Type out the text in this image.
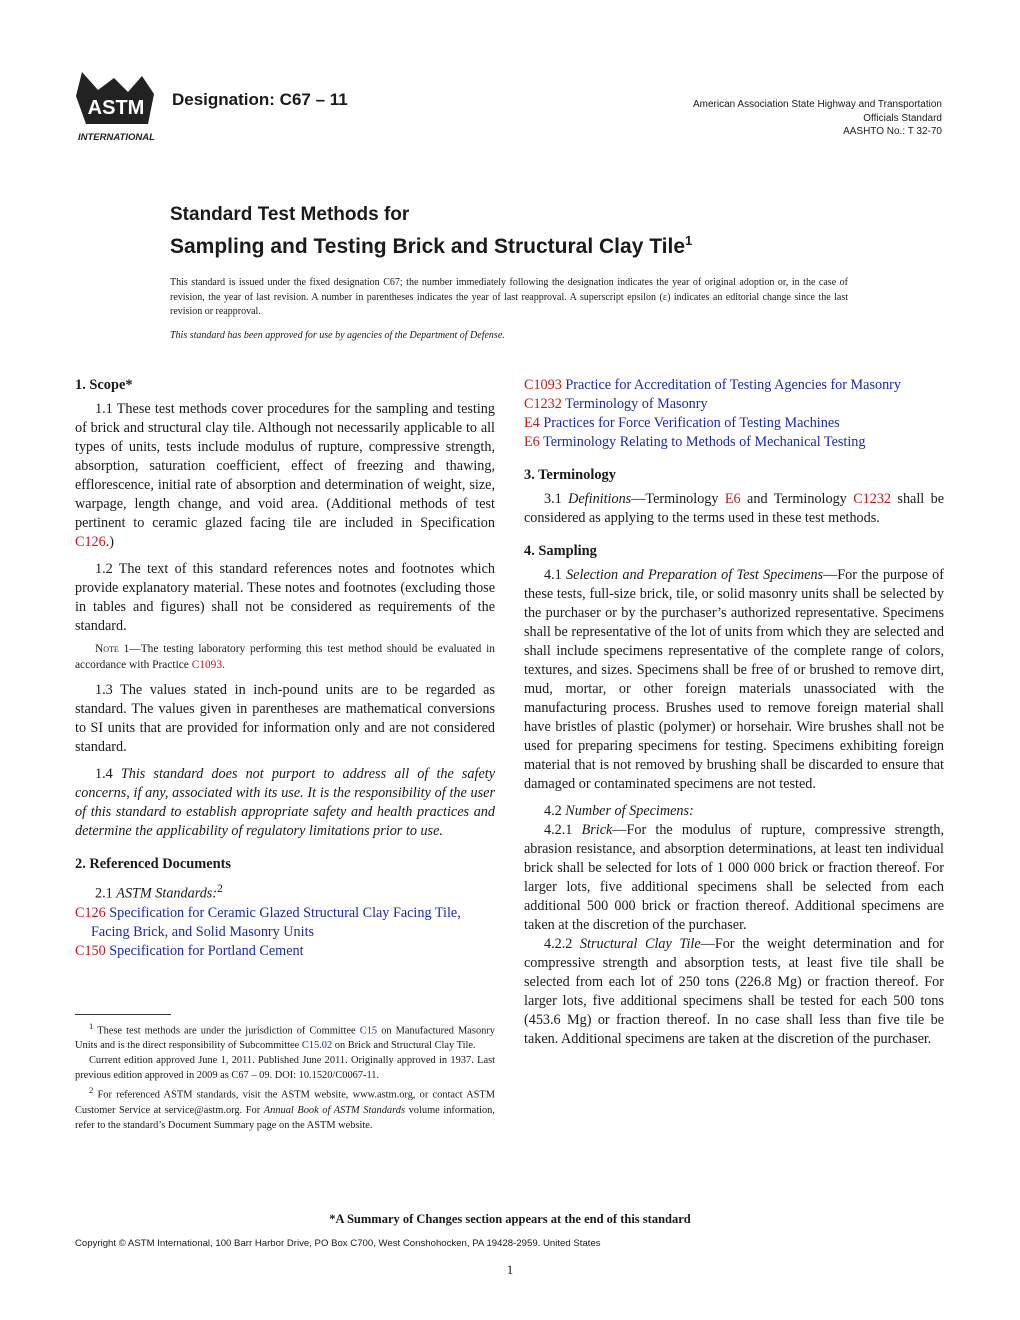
ASTM
INTERNATIONAL
Designation: C67 – 11	American Association State Highway and Transportation
Officials Standard
AASHTO No.: T 32-70
Standard Test Methods for
Sampling and Testing Brick and Structural Clay Tile$^1$

This standard is issued under the fixed designation C67; the number immediately following the designation indicates the year of original adoption or, in the case of revision, the year of last revision. A number in parentheses indicates the year of last reapproval. A superscript epsilon (ε) indicates an editorial change since the last revision or reapproval.

This standard has been approved for use by agencies of the Department of Defense.
1. Scope*

1.1 These test methods cover procedures for the sampling and testing of brick and structural clay tile. Although not necessarily applicable to all types of units, tests include modulus of rupture, compressive strength, absorption, saturation coefficient, effect of freezing and thawing, efflorescence, initial rate of absorption and determination of weight, size, warpage, length change, and void area. (Additional methods of test pertinent to ceramic glazed facing tile are included in Specification C126.)

1.2 The text of this standard references notes and footnotes which provide explanatory material. These notes and footnotes (excluding those in tables and figures) shall not be considered as requirements of the standard.

Note 1—The testing laboratory performing this test method should be evaluated in accordance with Practice C1093.

1.3 The values stated in inch-pound units are to be regarded as standard. The values given in parentheses are mathematical conversions to SI units that are provided for information only and are not considered standard.

1.4 This standard does not purport to address all of the safety concerns, if any, associated with its use. It is the responsibility of the user of this standard to establish appropriate safety and health practices and determine the applicability of regulatory limitations prior to use.

2. Referenced Documents

2.1 ASTM Standards:$^2$

C126 Specification for Ceramic Glazed Structural Clay Facing Tile, Facing Brick, and Solid Masonry Units

C150 Specification for Portland Cement

C1093 Practice for Accreditation of Testing Agencies for Masonry

C1232 Terminology of Masonry

E4 Practices for Force Verification of Testing Machines

E6 Terminology Relating to Methods of Mechanical Testing

3. Terminology

3.1 Definitions—Terminology E6 and Terminology C1232 shall be considered as applying to the terms used in these test methods.

4. Sampling

4.1 Selection and Preparation of Test Specimens—For the purpose of these tests, full-size brick, tile, or solid masonry units shall be selected by the purchaser or by the purchaser’s authorized representative. Specimens shall be representative of the lot of units from which they are selected and shall include specimens representative of the complete range of colors, textures, and sizes. Specimens shall be free of or brushed to remove dirt, mud, mortar, or other foreign materials unassociated with the manufacturing process. Brushes used to remove foreign material shall have bristles of plastic (polymer) or horsehair. Wire brushes shall not be used for preparing specimens for testing. Specimens exhibiting foreign material that is not removed by brushing shall be discarded to ensure that damaged or contaminated specimens are not tested.

4.2 Number of Specimens:

4.2.1 Brick—For the modulus of rupture, compressive strength, abrasion resistance, and absorption determinations, at least ten individual brick shall be selected for lots of 1 000 000 brick or fraction thereof. For larger lots, five additional specimens shall be selected from each additional 500 000 brick or fraction thereof. Additional specimens are taken at the discretion of the purchaser.

4.2.2 Structural Clay Tile—For the weight determination and for compressive strength and absorption tests, at least five tile shall be selected from each lot of 250 tons (226.8 Mg) or fraction thereof. For larger lots, five additional specimens shall be tested for each 500 tons (453.6 Mg) or fraction thereof. In no case shall less than five tile be taken. Additional specimens are taken at the discretion of the purchaser.

$^1$ These test methods are under the jurisdiction of Committee C15 on Manufactured Masonry Units and is the direct responsibility of Subcommittee C15.02 on Brick and Structural Clay Tile.

Current edition approved June 1, 2011. Published June 2011. Originally approved in 1937. Last previous edition approved in 2009 as C67 – 09. DOI: 10.1520/C0067-11.

$^2$ For referenced ASTM standards, visit the ASTM website, www.astm.org, or contact ASTM Customer Service at service@astm.org. For Annual Book of ASTM Standards volume information, refer to the standard’s Document Summary page on the ASTM website.

*A Summary of Changes section appears at the end of this standard
Copyright © ASTM International, 100 Barr Harbor Drive, PO Box C700, West Conshohocken, PA 19428-2959. United States
1
